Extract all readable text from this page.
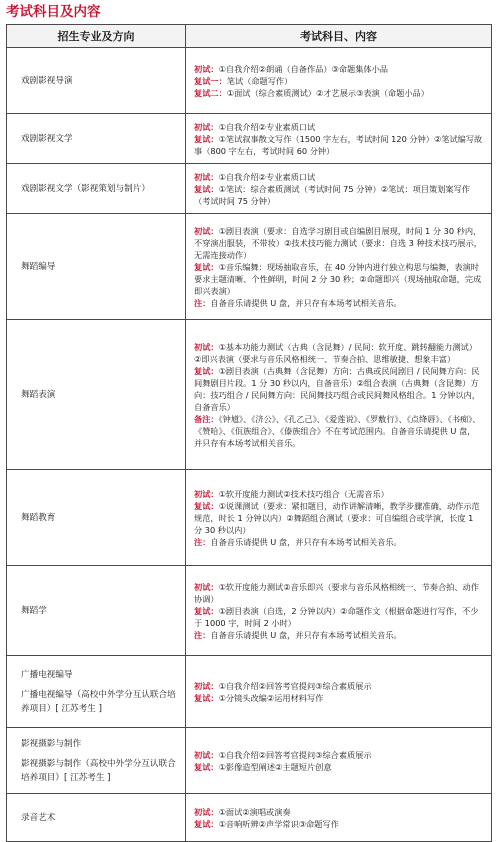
考试科目及内容
招生专业及方向	考试科目、内容

戏剧影视导演	初试：①自我介绍②朗诵（自备作品）③命题集体小品
复试一：笔试（命题写作）
复试二：①面试（综合素质测试）②才艺展示③表演（命题小品）

戏剧影视文学	初试：①自我介绍②专业素质口试
复试：①笔试叙事散文写作（1500 字左右，考试时间 120 分钟）②笔试编写故事（800 字左右，考试时间 60 分钟）

戏剧影视文学（影视策划与制片）	初试：①自我介绍②专业素质口试
复试：①笔试：综合素质测试（考试时间 75 分钟）②笔试：项目策划案写作（考试时间 75 分钟）

舞蹈编导	初试：①剧目表演（要求：自选学习剧目或自编剧目展现，时间 1 分 30 秒内，不穿演出服装，不带妆）②技术技巧能力测试（要求：自选 3 种技术技巧展示，无需连接动作）
复试：①音乐编舞：现场抽取音乐，在 40 分钟内进行独立构思与编舞，表演时要求主题清晰、个性鲜明，时间 2 分 30 秒；②命题即兴（现场抽取命题，完成即兴表演）
注：自备音乐请提供 U 盘，并只存有本场考试相关音乐。

舞蹈表演	初试：①基本功能力测试（古典（含昆舞）/ 民间：软开度、跳转翻能力测试）②即兴表演（要求与音乐风格相统一、节奏合拍、思维敏捷、想象丰富）
复试：①剧目表演（古典舞（含昆舞）方向：古典或民间剧目 / 民间舞方向：民间舞剧目片段。1 分 30 秒以内，自备音乐）②组合表演（古典舞（含昆舞）方向：技巧组合 / 民间舞方向：民间舞技巧组合或民间舞风格组合。1 分钟以内，自备音乐）
备注：《钟馗》、《济公》、《孔乙己》、《爱莲说》、《罗敷行》、《点绛唇》、《书痴》、《赞哈》、《佤族组合》、《傣族组合》不在考试范围内。自备音乐请提供 U 盘，并只存有本场考试相关音乐。

舞蹈教育	初试：①软开度能力测试②技术技巧组合（无需音乐）
复试：①说课测试（要求：紧扣题目，动作讲解清晰，教学步骤准确，动作示范规范，时长 1 分钟以内）②舞蹈组合测试（要求：可自编组合或学演，长度 1 分 30 秒以内）
注：自备音乐请提供 U 盘，并只存有本场考试相关音乐。

舞蹈学	初试：①软开度能力测试②音乐即兴（要求与音乐风格相统一、节奏合拍、动作协调）
复试：①剧目表演（自选，2 分钟以内）②命题作文（根据命题进行写作，不少于 1000 字，时间 2 小时）
注：自备音乐请提供 U 盘，并只存有本场考试相关音乐。

广播电视编导
广播电视编导（高校中外学分互认联合培养项目）[ 江苏考生 ]	初试：①自我介绍②回答考官提问③综合素质展示
复试：①分镜头改编②运用材料写作

影视摄影与制作
影视摄影与制作（高校中外学分互认联合培养项目）[ 江苏考生 ]	初试：①自我介绍②回答考官提问③综合素质展示
复试：①影像造型阐述②主题短片创意

录音艺术	初试：①面试②演唱或演奏
复试：①音响听辨②声学常识③命题写作
